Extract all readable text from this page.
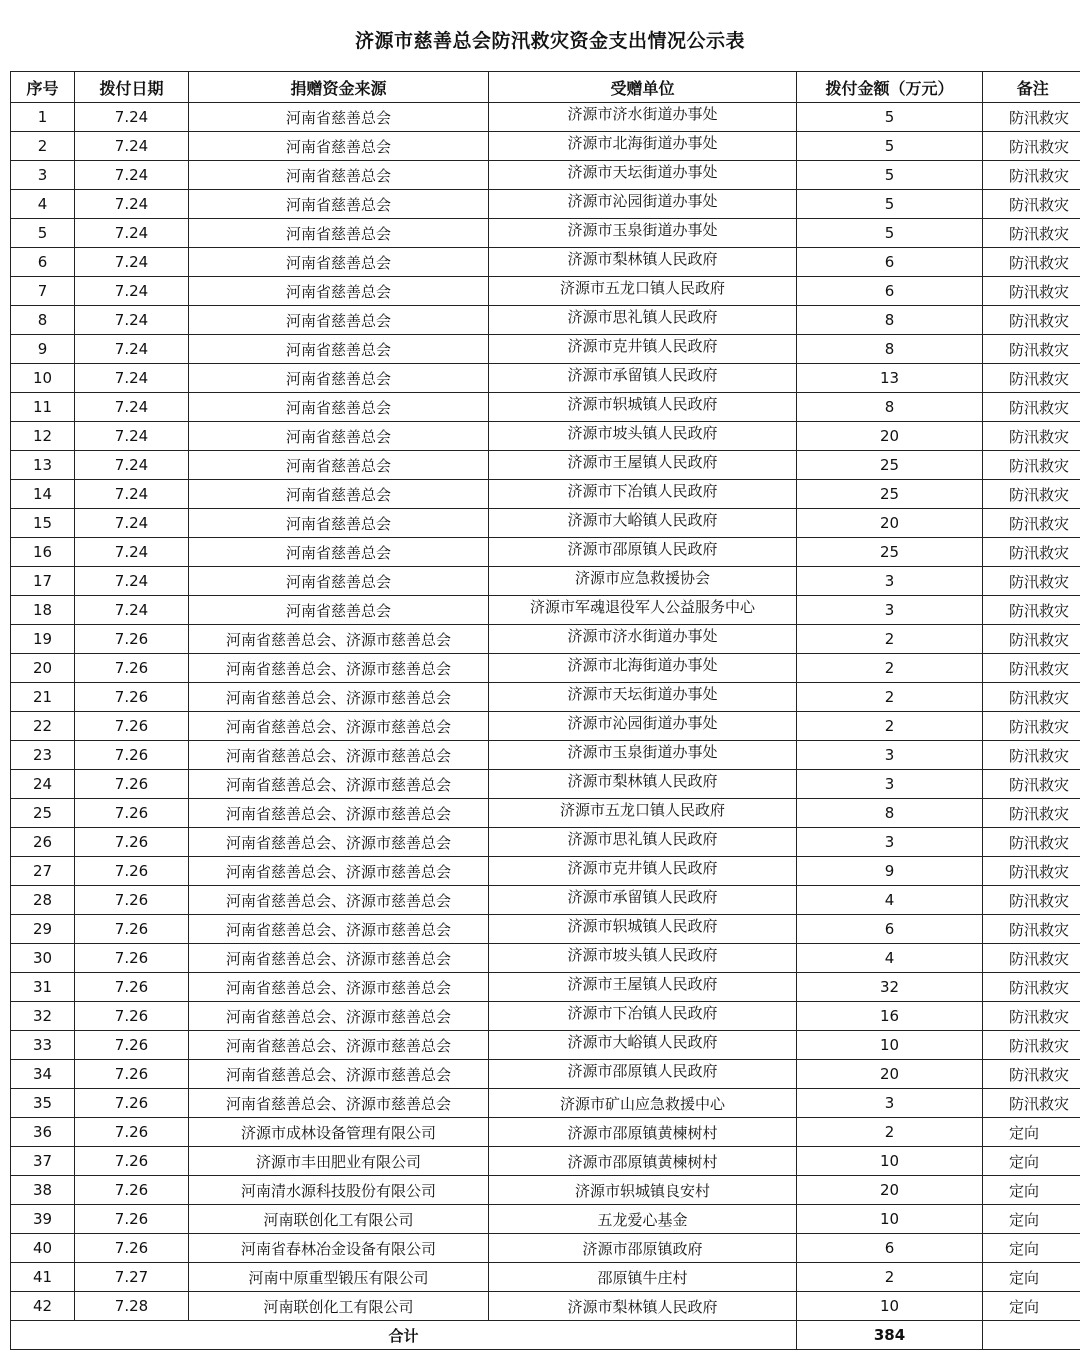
济源市慈善总会防汛救灾资金支出情况公示表
序号	拨付日期	捐赠资金来源	受赠单位	拨付金额（万元）	备注
1	7.24	河南省慈善总会	济源市济水街道办事处	5	防汛救灾
2	7.24	河南省慈善总会	济源市北海街道办事处	5	防汛救灾
3	7.24	河南省慈善总会	济源市天坛街道办事处	5	防汛救灾
4	7.24	河南省慈善总会	济源市沁园街道办事处	5	防汛救灾
5	7.24	河南省慈善总会	济源市玉泉街道办事处	5	防汛救灾
6	7.24	河南省慈善总会	济源市梨林镇人民政府	6	防汛救灾
7	7.24	河南省慈善总会	济源市五龙口镇人民政府	6	防汛救灾
8	7.24	河南省慈善总会	济源市思礼镇人民政府	8	防汛救灾
9	7.24	河南省慈善总会	济源市克井镇人民政府	8	防汛救灾
10	7.24	河南省慈善总会	济源市承留镇人民政府	13	防汛救灾
11	7.24	河南省慈善总会	济源市轵城镇人民政府	8	防汛救灾
12	7.24	河南省慈善总会	济源市坡头镇人民政府	20	防汛救灾
13	7.24	河南省慈善总会	济源市王屋镇人民政府	25	防汛救灾
14	7.24	河南省慈善总会	济源市下冶镇人民政府	25	防汛救灾
15	7.24	河南省慈善总会	济源市大峪镇人民政府	20	防汛救灾
16	7.24	河南省慈善总会	济源市邵原镇人民政府	25	防汛救灾
17	7.24	河南省慈善总会	济源市应急救援协会	3	防汛救灾
18	7.24	河南省慈善总会	济源市军魂退役军人公益服务中心	3	防汛救灾
19	7.26	河南省慈善总会、济源市慈善总会	济源市济水街道办事处	2	防汛救灾
20	7.26	河南省慈善总会、济源市慈善总会	济源市北海街道办事处	2	防汛救灾
21	7.26	河南省慈善总会、济源市慈善总会	济源市天坛街道办事处	2	防汛救灾
22	7.26	河南省慈善总会、济源市慈善总会	济源市沁园街道办事处	2	防汛救灾
23	7.26	河南省慈善总会、济源市慈善总会	济源市玉泉街道办事处	3	防汛救灾
24	7.26	河南省慈善总会、济源市慈善总会	济源市梨林镇人民政府	3	防汛救灾
25	7.26	河南省慈善总会、济源市慈善总会	济源市五龙口镇人民政府	8	防汛救灾
26	7.26	河南省慈善总会、济源市慈善总会	济源市思礼镇人民政府	3	防汛救灾
27	7.26	河南省慈善总会、济源市慈善总会	济源市克井镇人民政府	9	防汛救灾
28	7.26	河南省慈善总会、济源市慈善总会	济源市承留镇人民政府	4	防汛救灾
29	7.26	河南省慈善总会、济源市慈善总会	济源市轵城镇人民政府	6	防汛救灾
30	7.26	河南省慈善总会、济源市慈善总会	济源市坡头镇人民政府	4	防汛救灾
31	7.26	河南省慈善总会、济源市慈善总会	济源市王屋镇人民政府	32	防汛救灾
32	7.26	河南省慈善总会、济源市慈善总会	济源市下冶镇人民政府	16	防汛救灾
33	7.26	河南省慈善总会、济源市慈善总会	济源市大峪镇人民政府	10	防汛救灾
34	7.26	河南省慈善总会、济源市慈善总会	济源市邵原镇人民政府	20	防汛救灾
35	7.26	河南省慈善总会、济源市慈善总会	济源市矿山应急救援中心	3	防汛救灾
36	7.26	济源市成林设备管理有限公司	济源市邵原镇黄楝树村	2	定向
37	7.26	济源市丰田肥业有限公司	济源市邵原镇黄楝树村	10	定向
38	7.26	河南清水源科技股份有限公司	济源市轵城镇良安村	20	定向
39	7.26	河南联创化工有限公司	五龙爱心基金	10	定向
40	7.26	河南省春林冶金设备有限公司	济源市邵原镇政府	6	定向
41	7.27	河南中原重型锻压有限公司	邵原镇牛庄村	2	定向
42	7.28	河南联创化工有限公司	济源市梨林镇人民政府	10	定向
合计				384	
